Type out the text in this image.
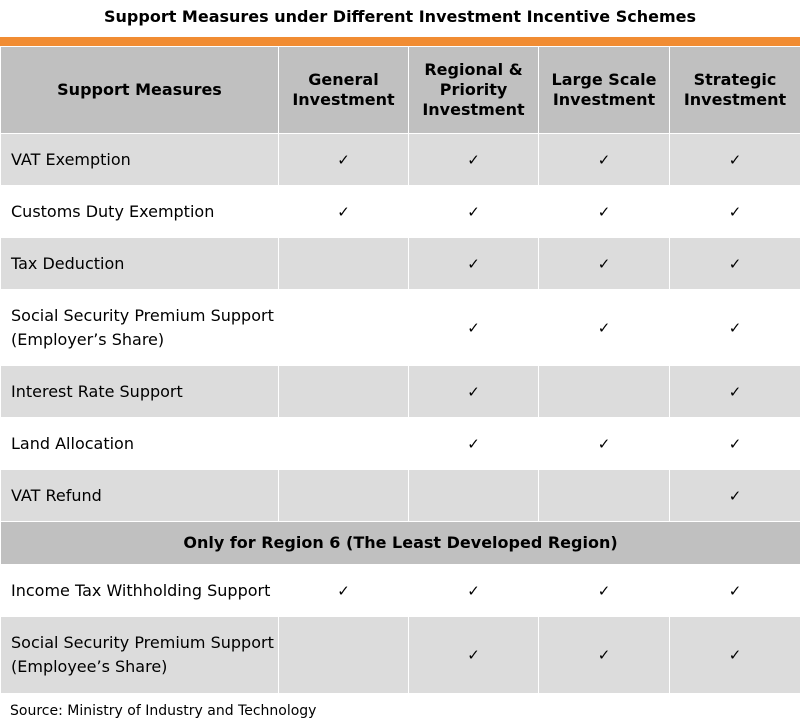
Support Measures under Different Investment Incentive Schemes
Support Measures	General Investment	Regional & Priority Investment	Large Scale Investment	Strategic Investment
VAT Exemption	✓	✓	✓	✓
Customs Duty Exemption	✓	✓	✓	✓
Tax Deduction		✓	✓	✓
Social Security Premium Support (Employer’s Share)		✓	✓	✓
Interest Rate Support		✓		✓
Land Allocation		✓	✓	✓
VAT Refund				✓
Only for Region 6 (The Least Developed Region)				
Income Tax Withholding Support	✓	✓	✓	✓
Social Security Premium Support (Employee’s Share)		✓	✓	✓
Source: Ministry of Industry and Technology
